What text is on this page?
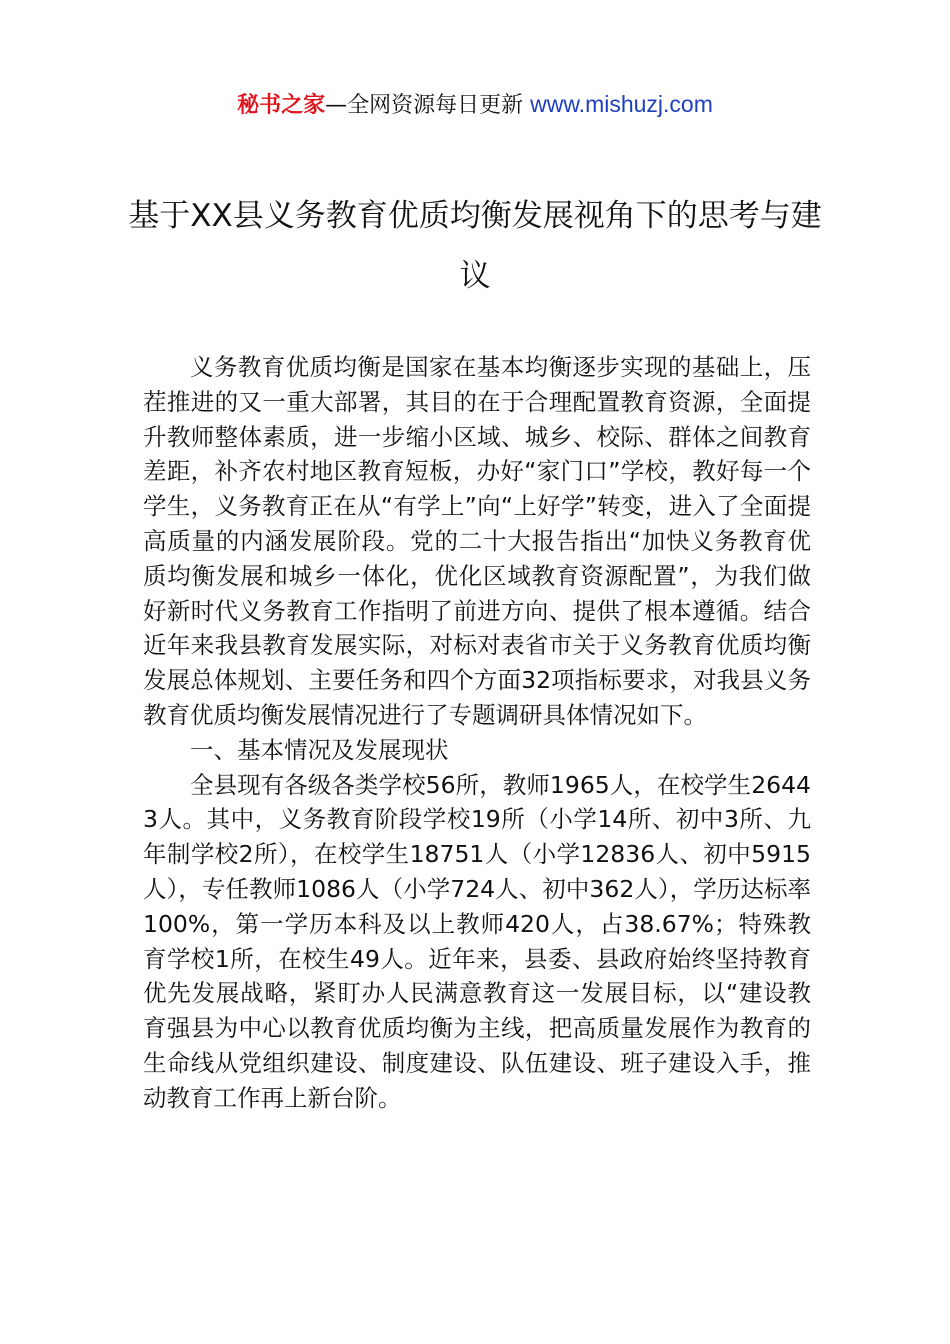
秘书之家—全网资源每日更新 www.mishuzj.com
基于XX县义务教育优质均衡发展视角下的思考与建议

义务教育优质均衡是国家在基本均衡逐步实现的基础上，压茬推进的又一重大部署，其目的在于合理配置教育资源，全面提升教师整体素质，进一步缩小区域、城乡、校际、群体之间教育差距，补齐农村地区教育短板，办好“家门口”学校，教好每一个学生，义务教育正在从“有学上”向“上好学”转变，进入了全面提高质量的内涵发展阶段。党的二十大报告指出“加快义务教育优质均衡发展和城乡一体化，优化区域教育资源配置”，为我们做好新时代义务教育工作指明了前进方向、提供了根本遵循。结合近年来我县教育发展实际，对标对表省市关于义务教育优质均衡发展总体规划、主要任务和四个方面32项指标要求，对我县义务教育优质均衡发展情况进行了专题调研具体情况如下。

一、基本情况及发展现状

全县现有各级各类学校56所，教师1965人，在校学生26443人。其中，义务教育阶段学校19所（小学14所、初中3所、九年制学校2所），在校学生18751人（小学12836人、初中5915人），专任教师1086人（小学724人、初中362人），学历达标率100%，第一学历本科及以上教师420人，占38.67%；特殊教育学校1所，在校生49人。近年来，县委、县政府始终坚持教育优先发展战略，紧盯办人民满意教育这一发展目标，以“建设教育强县为中心以教育优质均衡为主线，把高质量发展作为教育的生命线从党组织建设、制度建设、队伍建设、班子建设入手，推动教育工作再上新台阶。
